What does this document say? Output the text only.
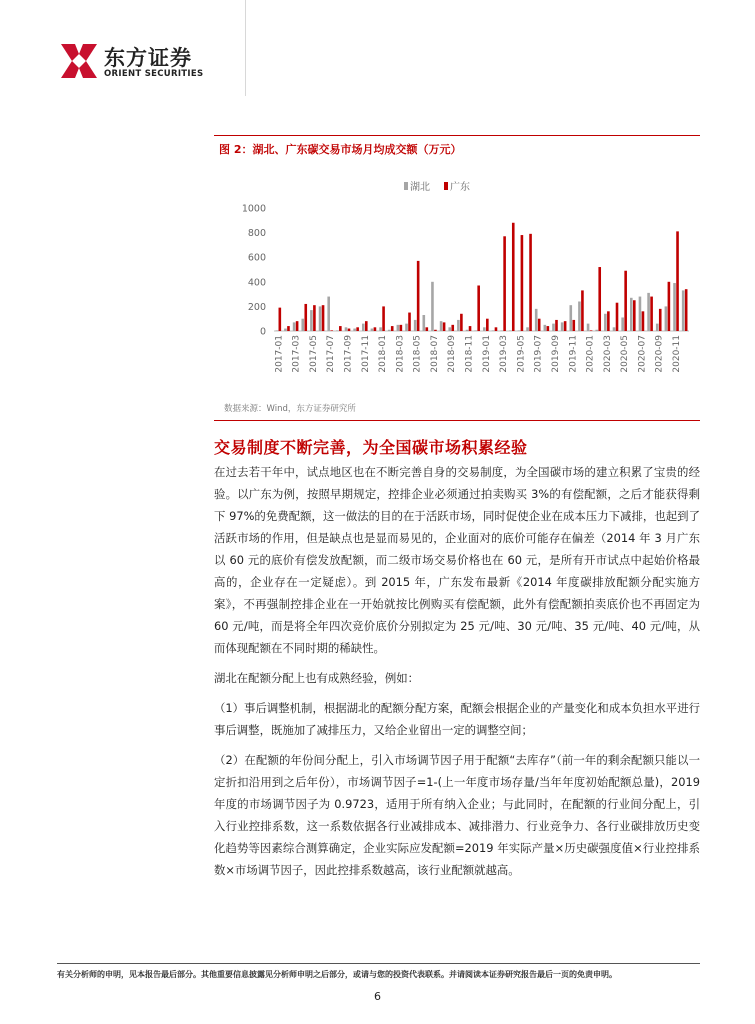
东方证券
ORIENT SECURITIES
图 2：湖北、广东碳交易市场月均成交额（万元）
湖北 广东
0
200
400
600
800
1000
2017-01 2017-03 2017-05 2017-07 2017-09 2017-11 2018-01 2018-03 2018-05 2018-07 2018-09 2018-11 2019-01 2019-03 2019-05 2019-07 2019-09 2019-11 2020-01 2020-03 2020-05 2020-07 2020-09 2020-11
数据来源：Wind，东方证券研究所
交易制度不断完善，为全国碳市场积累经验

在过去若干年中，试点地区也在不断完善自身的交易制度，为全国碳市场的建立积累了宝贵的经验。以广东为例，按照早期规定，控排企业必须通过拍卖购买 3%的有偿配额，之后才能获得剩下 97%的免费配额，这一做法的目的在于活跃市场，同时促使企业在成本压力下减排，也起到了活跃市场的作用，但是缺点也是显而易见的，企业面对的底价可能存在偏差（2014 年 3 月广东以 60 元的底价有偿发放配额，而二级市场交易价格也在 60 元，是所有开市试点中起始价格最高的，企业存在一定疑虑）。到 2015 年，广东发布最新《2014 年度碳排放配额分配实施方案》，不再强制控排企业在一开始就按比例购买有偿配额，此外有偿配额拍卖底价也不再固定为 60 元/吨，而是将全年四次竞价底价分别拟定为 25 元/吨、30 元/吨、35 元/吨、40 元/吨，从而体现配额在不同时期的稀缺性。

湖北在配额分配上也有成熟经验，例如：

（1）事后调整机制，根据湖北的配额分配方案，配额会根据企业的产量变化和成本负担水平进行事后调整，既施加了减排压力，又给企业留出一定的调整空间；

（2）在配额的年份间分配上，引入市场调节因子用于配额“去库存”（前一年的剩余配额只能以一定折扣沿用到之后年份），市场调节因子=1-(上一年度市场存量/当年年度初始配额总量)，2019 年度的市场调节因子为 0.9723，适用于所有纳入企业；与此同时，在配额的行业间分配上，引入行业控排系数，这一系数依据各行业减排成本、减排潜力、行业竞争力、各行业碳排放历史变化趋势等因素综合测算确定，企业实际应发配额=2019 年实际产量×历史碳强度值×行业控排系数×市场调节因子，因此控排系数越高，该行业配额就越高。

有关分析师的申明，见本报告最后部分。其他重要信息披露见分析师申明之后部分，或请与您的投资代表联系。并请阅读本证券研究报告最后一页的免责申明。
6
